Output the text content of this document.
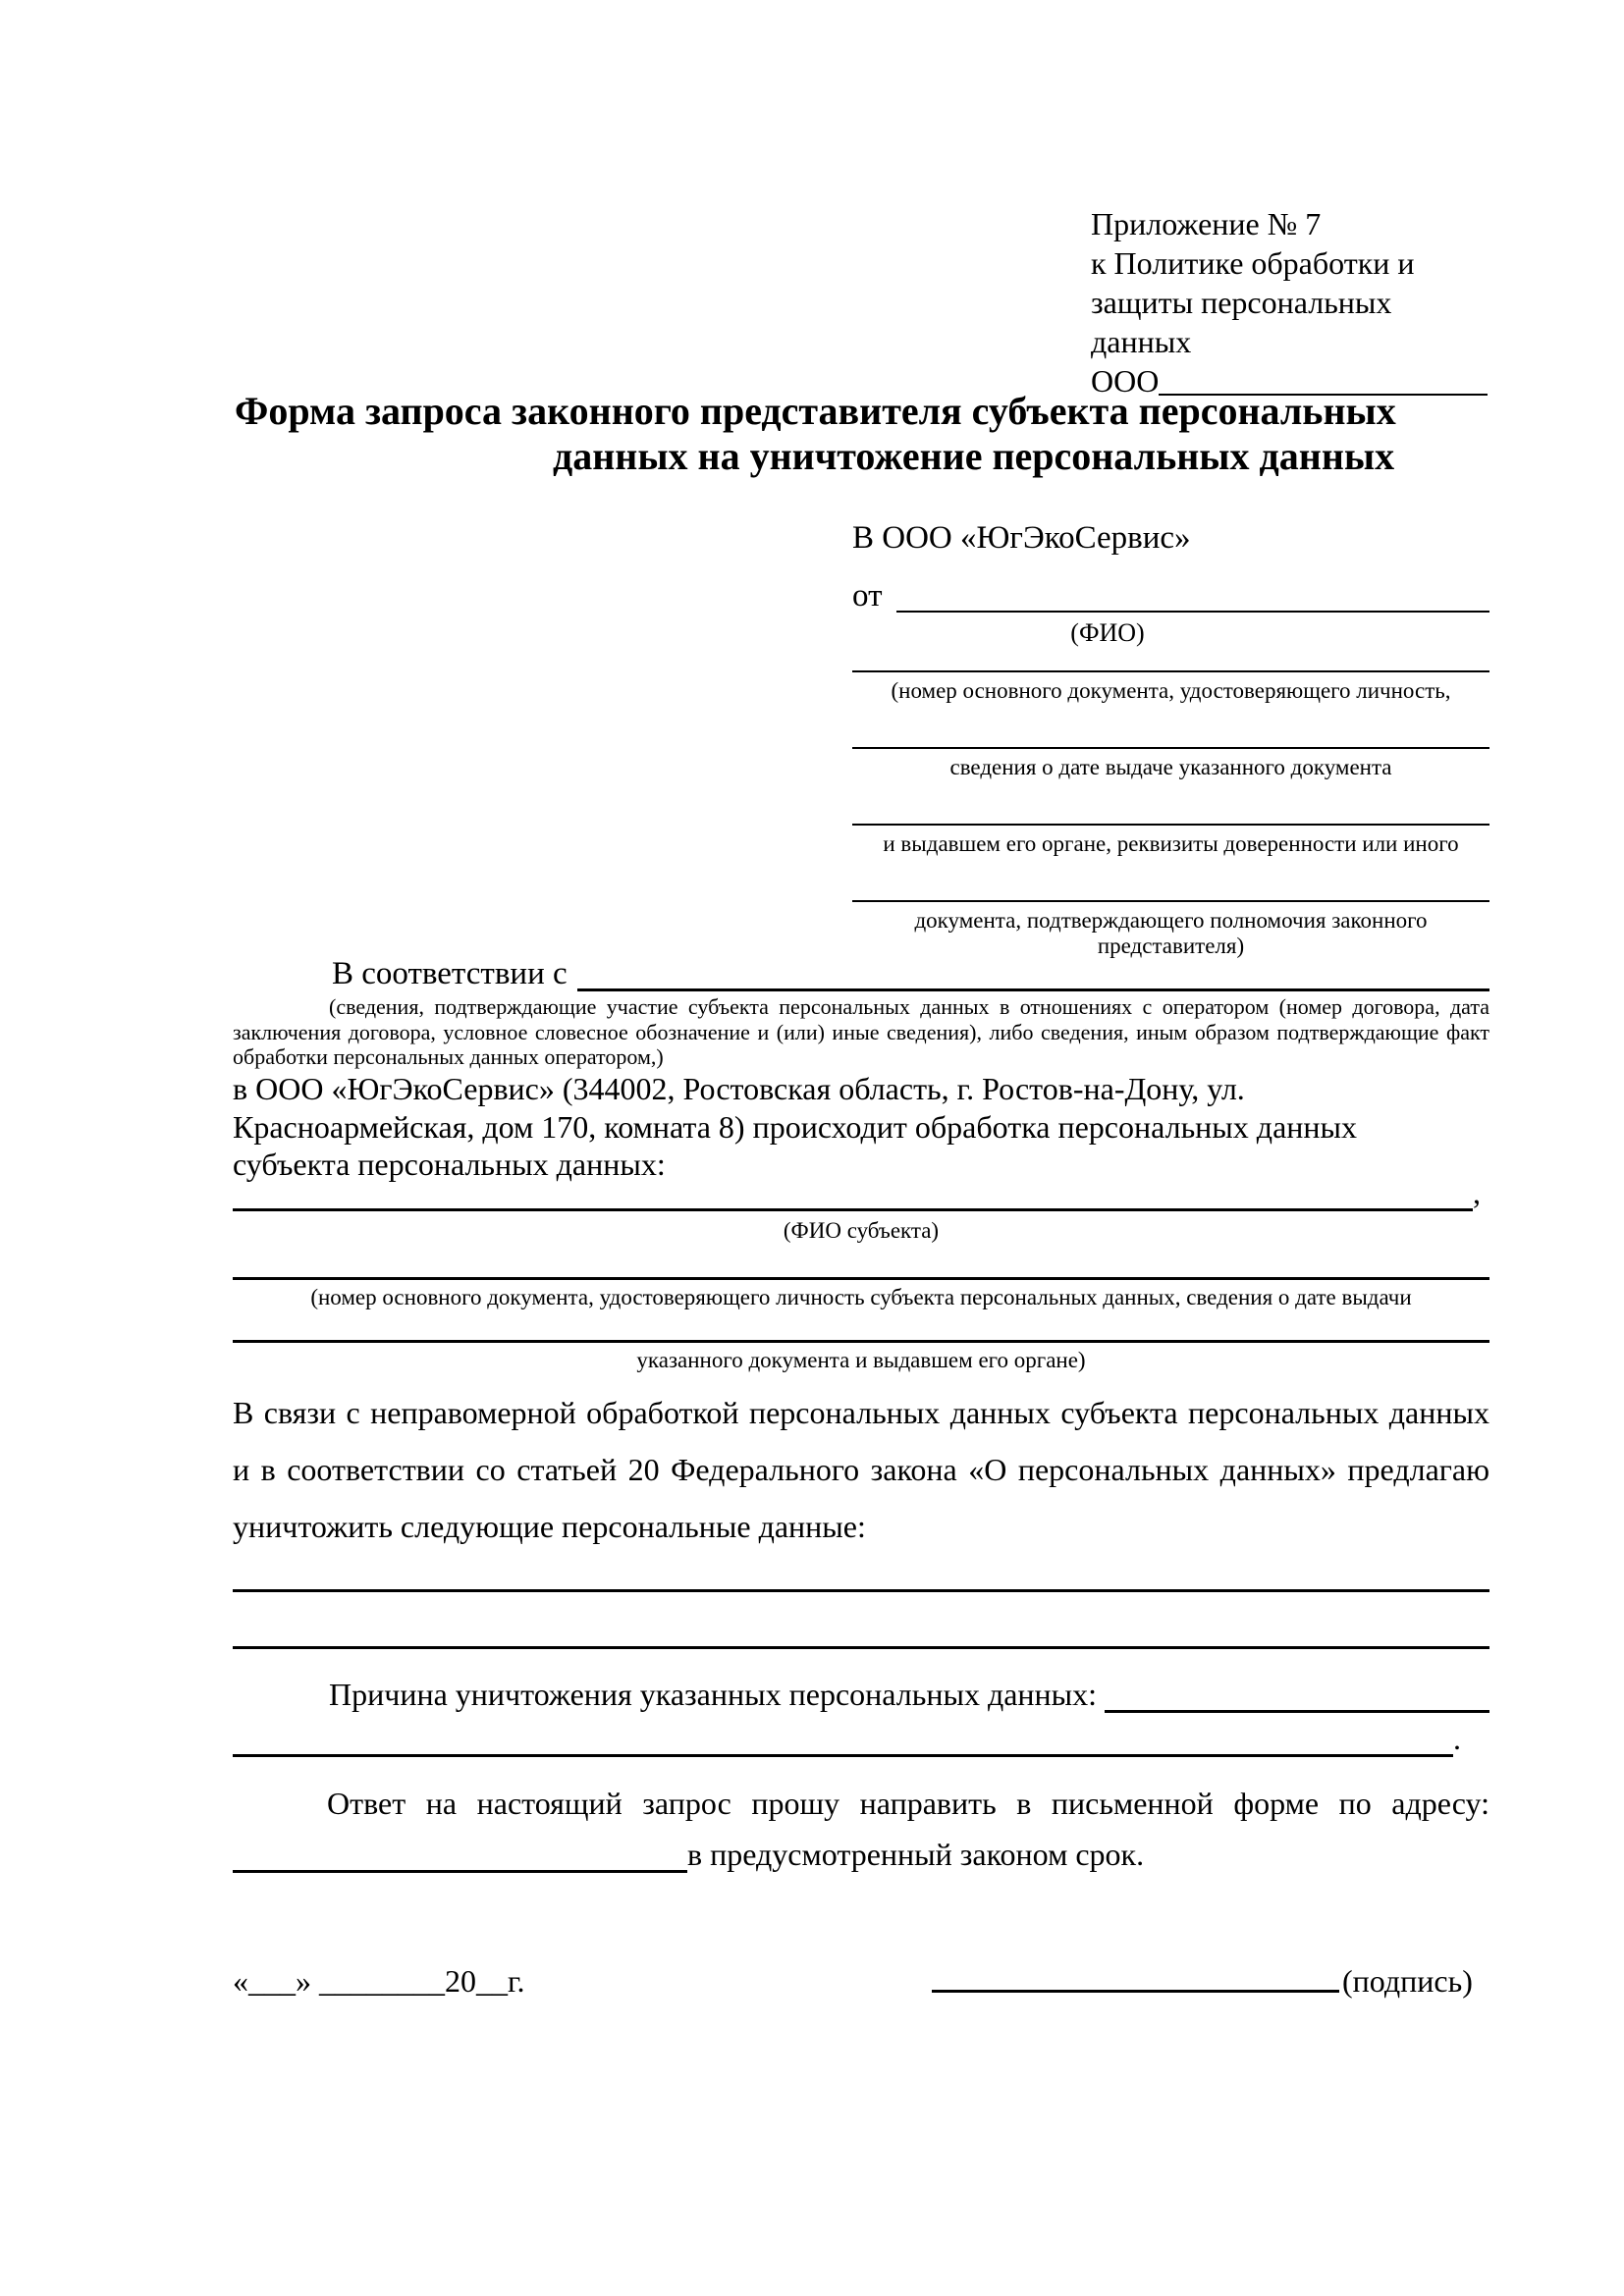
Приложение № 7
к Политике обработки и
защиты персональных данных
ООО
Форма запроса законного представителя субъекта персональных
данных на уничтожение персональных данных
В ООО «ЮгЭкоСервис»
от
(ФИО)
(номер основного документа, удостоверяющего личность,
сведения о дате выдаче указанного документа
и выдавшем его органе, реквизиты доверенности или иного
документа, подтверждающего полномочия законного представителя)
В соответствии с
(сведения, подтверждающие участие субъекта персональных данных в отношениях с оператором (номер договора, дата
заключения договора, условное словесное обозначение и (или) иные сведения), либо сведения, иным образом подтверждающие факт
обработки персональных данных оператором,)
в ООО «ЮгЭкоСервис» (344002, Ростовская область, г. Ростов-на-Дону, ул.
Красноармейская, дом 170, комната 8) происходит обработка персональных данных
субъекта персональных данных:
,
(ФИО субъекта)
(номер основного документа, удостоверяющего личность субъекта персональных данных, сведения о дате выдачи
указанного документа и выдавшем его органе)
В связи с неправомерной обработкой персональных данных субъекта персональных данных
и в соответствии со статьей 20 Федерального закона «О персональных данных» предлагаю
уничтожить следующие персональные данные:
Причина уничтожения указанных персональных данных:
.
Ответ на настоящий запрос прошу направить в письменной форме по адресу:
в предусмотренный законом срок.
«___» ________20__г.	(подпись)
